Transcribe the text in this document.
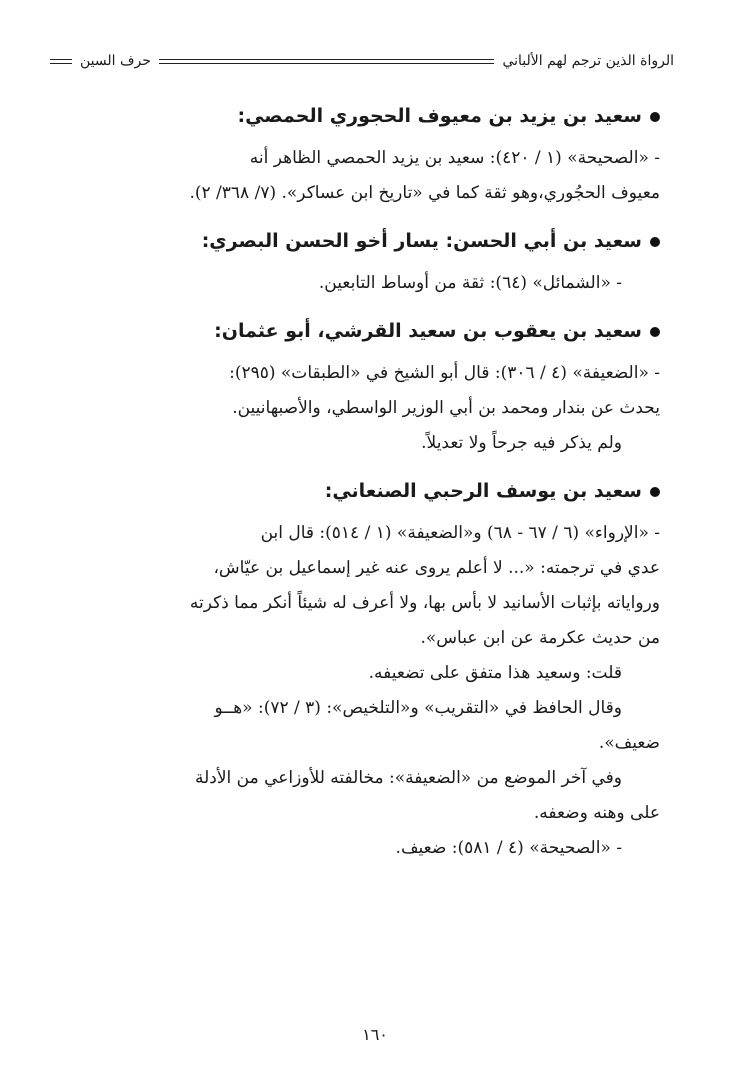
الرواة الذين ترجم لهم الألباني
حرف السين
سعيد بن يزيد بن معيوف الحجوري الحمصي:

- «الصحيحة» (١ / ٤٢٠): سعيد بن يزيد الحمصي الظاهر أنه

معيوف الحجُوري،وهو ثقة كما في «تاريخ ابن عساكر». (٧/ ٣٦٨/ ٢).

سعيد بن أبي الحسن: يسار أخو الحسن البصري:

- «الشمائل» (٦٤): ثقة من أوساط التابعين.

سعيد بن يعقوب بن سعيد القرشي، أبو عثمان:

- «الضعيفة» (٤ / ٣٠٦): قال أبو الشيخ في «الطبقات» (٢٩٥):

يحدث عن بندار ومحمد بن أبي الوزير الواسطي، والأصبهانيين.

ولم يذكر فيه جرحاً ولا تعديلاً.

سعيد بن يوسف الرحبي الصنعاني:

- «الإرواء» (٦ / ٦٧ - ٦٨) و«الضعيفة» (١ / ٥١٤): قال ابن

عدي في ترجمته: «... لا أعلم يروى عنه غير إسماعيل بن عيّاش،

ورواياته بإثبات الأسانيد لا بأس بها، ولا أعرف له شيئاً أنكر مما ذكرته

من حديث عكرمة عن ابن عباس».

قلت: وسعيد هذا متفق على تضعيفه.

وقال الحافظ في «التقريب» و«التلخيص»: (٣ / ٧٢): «هــو

ضعيف».

وفي آخر الموضع من «الضعيفة»: مخالفته للأوزاعي من الأدلة

على وهنه وضعفه.

- «الصحيحة» (٤ / ٥٨١): ضعيف.

١٦٠
